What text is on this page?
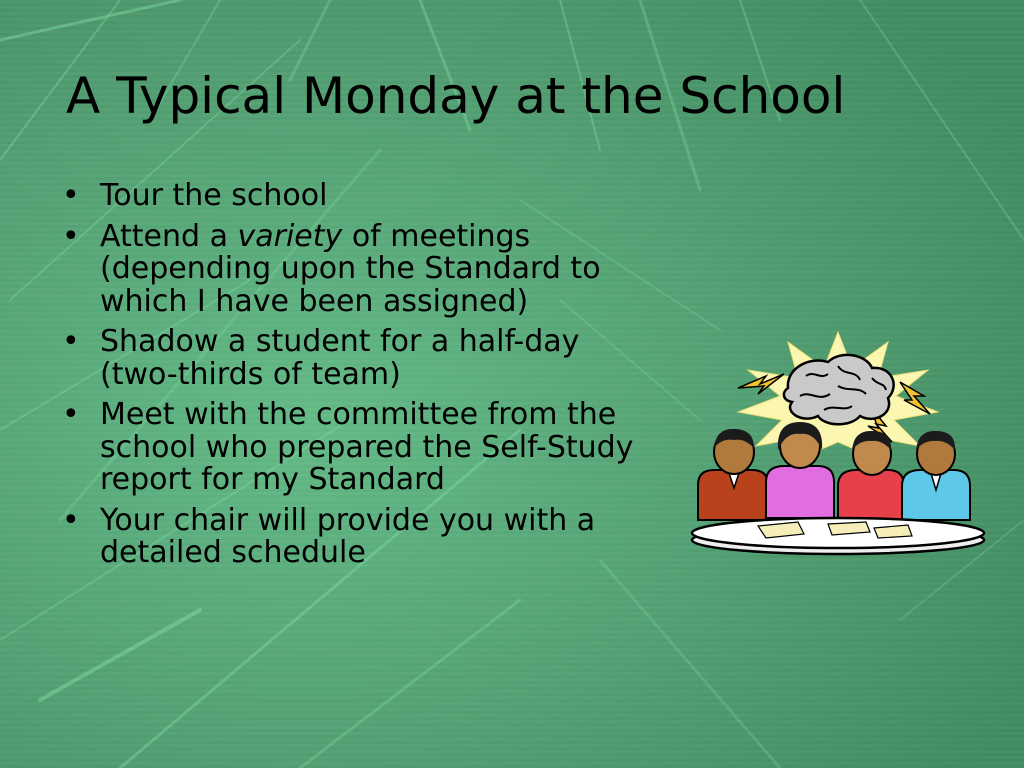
A Typical Monday at the School
• Tour the school
• Attend a variety of meetings (depending upon the Standard to which I have been assigned)
• Shadow a student for a half-day (two-thirds of team)
• Meet with the committee from the school who prepared the Self-Study report for my Standard
• Your chair will provide you with a detailed schedule
